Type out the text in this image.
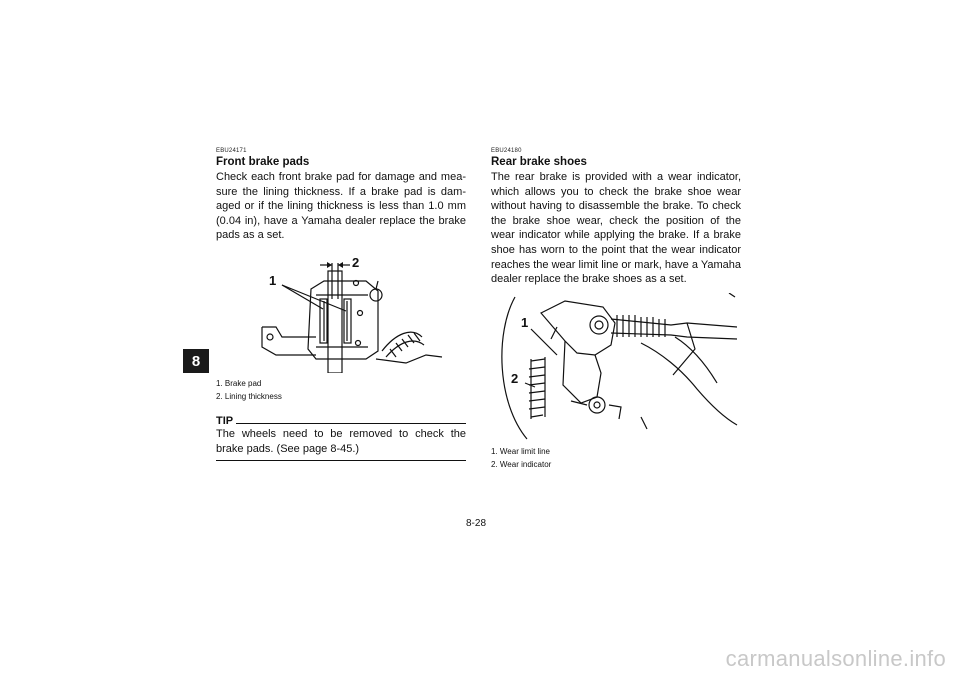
8
EBU24171
Front brake pads

Check each front brake pad for damage and mea-sure the lining thickness. If a brake pad is dam-aged or if the lining thickness is less than 1.0 mm (0.04 in), have a Yamaha dealer replace the brake pads as a set.

1
2
1. Brake pad
2. Lining thickness
TIP

The wheels need to be removed to check the brake pads. (See page 8-45.)

EBU24180
Rear brake shoes

The rear brake is provided with a wear indicator, which allows you to check the brake shoe wear without having to disassemble the brake. To check the brake shoe wear, check the position of the wear indicator while applying the brake. If a brake shoe has worn to the point that the wear indicator reaches the wear limit line or mark, have a Yamaha dealer replace the brake shoes as a set.

1
2
1. Wear limit line
2. Wear indicator
8-28
carmanualsonline.info
